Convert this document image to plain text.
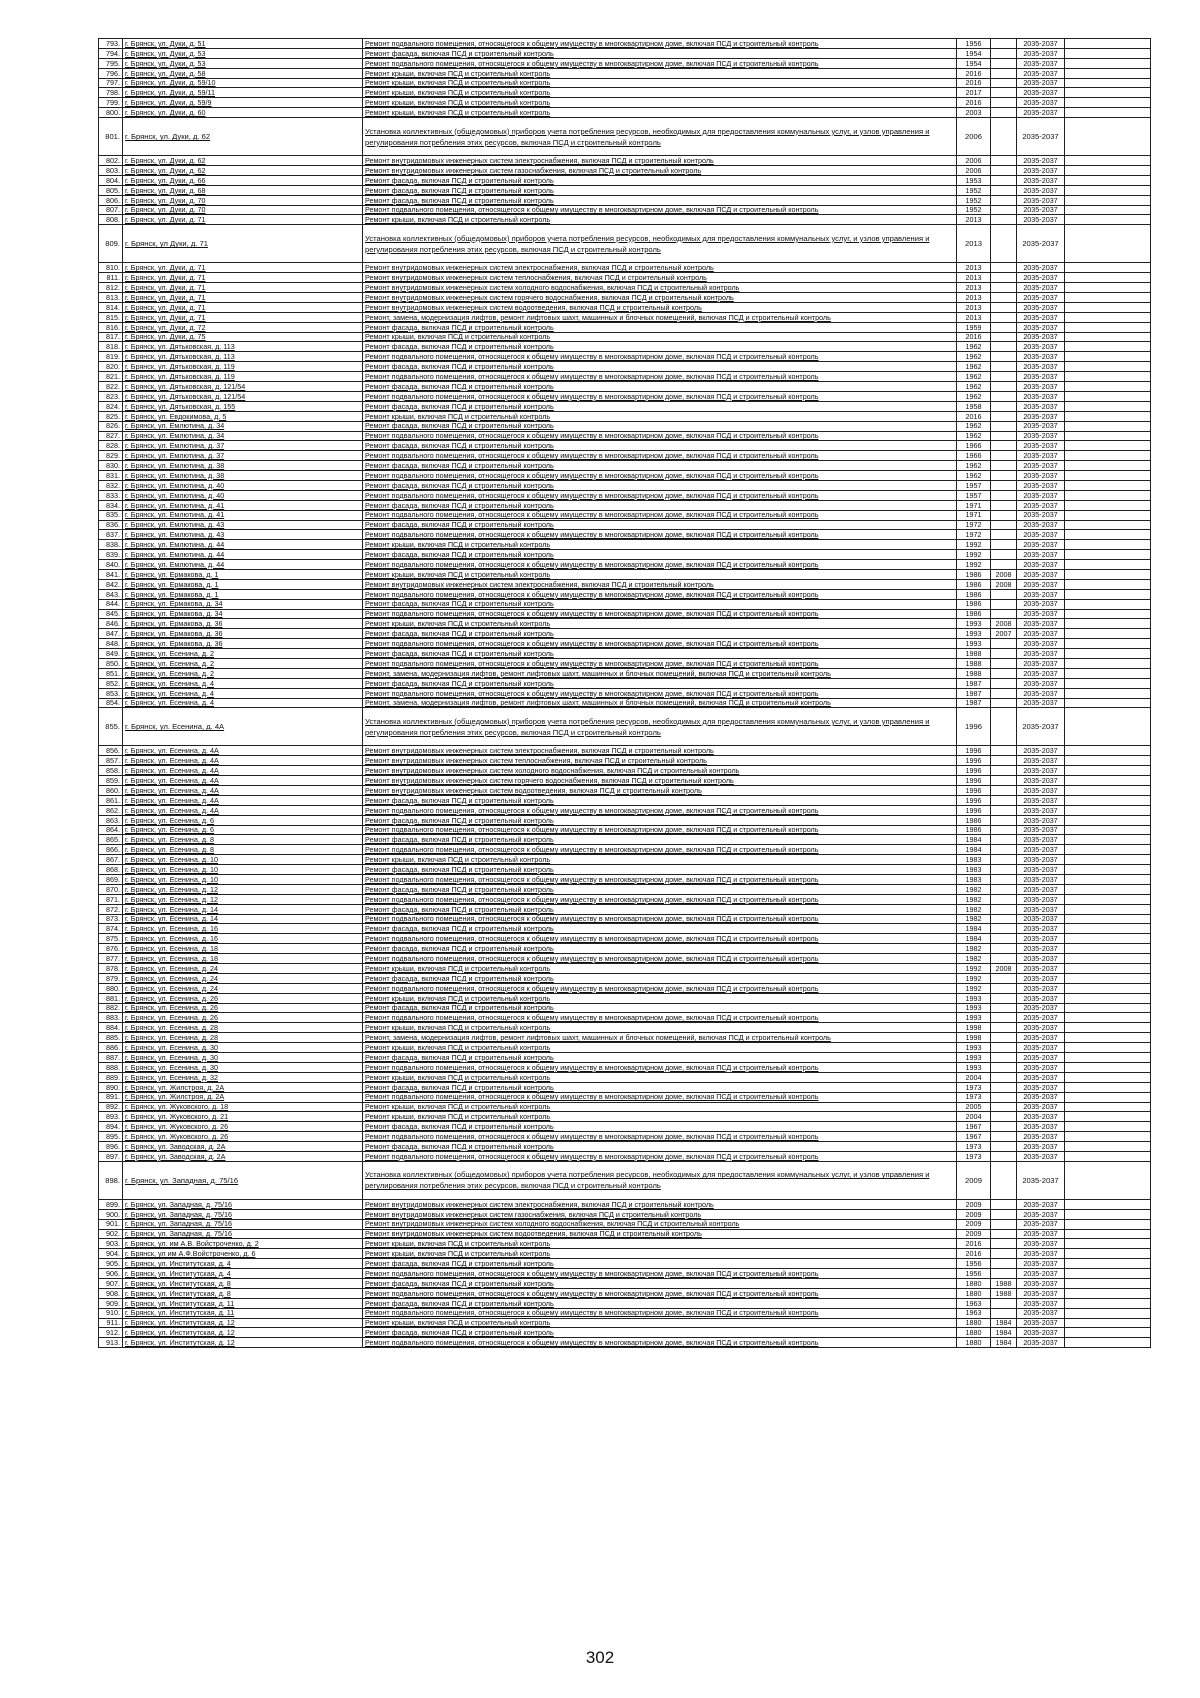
793.	г. Брянск, ул. Дуки, д. 51	Ремонт подвального помещения, относящегося к общему имуществу в многоквартирном доме, включая ПСД и строительный контроль	1956		2035-2037	
794.	г. Брянск, ул. Дуки, д. 53	Ремонт фасада, включая ПСД и строительный контроль	1954		2035-2037	
795.	г. Брянск, ул. Дуки, д. 53	Ремонт подвального помещения, относящегося к общему имуществу в многоквартирном доме, включая ПСД и строительный контроль	1954		2035-2037	
796.	г. Брянск, ул. Дуки, д. 58	Ремонт крыши, включая ПСД и строительный контроль	2016		2035-2037	
797.	г. Брянск, ул. Дуки, д. 59/10	Ремонт крыши, включая ПСД и строительный контроль	2016		2035-2037	
798.	г. Брянск, ул. Дуки, д. 59/11	Ремонт крыши, включая ПСД и строительный контроль	2017		2035-2037	
799.	г. Брянск, ул. Дуки, д. 59/9	Ремонт крыши, включая ПСД и строительный контроль	2016		2035-2037	
800.	г. Брянск, ул. Дуки, д. 60	Ремонт крыши, включая ПСД и строительный контроль	2003		2035-2037	
801.	г. Брянск, ул. Дуки, д. 62	Установка коллективных (общедомовых) приборов учета потребления ресурсов, необходимых для предоставления коммунальных услуг, и узлов управления и регулирования потребления этих ресурсов, включая ПСД и строительный контроль	2006		2035-2037	
802.	г. Брянск, ул. Дуки, д. 62	Ремонт внутридомовых инженерных систем электроснабжения, включая ПСД и строительный контроль	2006		2035-2037	
803.	г. Брянск, ул. Дуки, д. 62	Ремонт внутридомовых инженерных систем газоснабжения, включая ПСД и строительный контроль	2006		2035-2037	
804.	г. Брянск, ул. Дуки, д. 66	Ремонт фасада, включая ПСД и строительный контроль	1953		2035-2037	
805.	г. Брянск, ул. Дуки, д. 68	Ремонт фасада, включая ПСД и строительный контроль	1952		2035-2037	
806.	г. Брянск, ул. Дуки, д. 70	Ремонт фасада, включая ПСД и строительный контроль	1952		2035-2037	
807.	г. Брянск, ул. Дуки, д. 70	Ремонт подвального помещения, относящегося к общему имуществу в многоквартирном доме, включая ПСД и строительный контроль	1952		2035-2037	
808.	г. Брянск, ул. Дуки, д. 71	Ремонт крыши, включая ПСД и строительный контроль	2013		2035-2037	
809.	г. Брянск, ул Дуки, д. 71	Установка коллективных (общедомовых) приборов учета потребления ресурсов, необходимых для предоставления коммунальных услуг, и узлов управления и регулирования потребления этих ресурсов, включая ПСД и строительный контроль	2013		2035-2037	
810.	г. Брянск, ул. Дуки, д. 71	Ремонт внутридомовых инженерных систем электроснабжения, включая ПСД и строительный контроль	2013		2035-2037	
811.	г. Брянск, ул. Дуки, д. 71	Ремонт внутридомовых инженерных систем теплоснабжения, включая ПСД и строительный контроль	2013		2035-2037	
812.	г. Брянск, ул. Дуки, д. 71	Ремонт внутридомовых инженерных систем холодного водоснабжения, включая ПСД и строительный контроль	2013		2035-2037	
813.	г. Брянск, ул. Дуки, д. 71	Ремонт внутридомовых инженерных систем горячего водоснабжения, включая ПСД и строительный контроль	2013		2035-2037	
814.	г. Брянск, ул. Дуки, д. 71	Ремонт внутридомовых инженерных систем водоотведения, включая ПСД и строительный контроль	2013		2035-2037	
815.	г. Брянск, ул. Дуки, д. 71	Ремонт, замена, модернизация лифтов, ремонт лифтовых шахт, машинных и блочных помещений, включая ПСД и строительный контроль	2013		2035-2037	
816.	г. Брянск, ул. Дуки, д. 72	Ремонт фасада, включая ПСД и строительный контроль	1959		2035-2037	
817.	г. Брянск, ул. Дуки, д. 75	Ремонт крыши, включая ПСД и строительный контроль	2016		2035-2037	
818.	г. Брянск, ул. Дятьковская, д. 113	Ремонт фасада, включая ПСД и строительный контроль	1962		2035-2037	
819.	г. Брянск, ул. Дятьковская, д. 113	Ремонт подвального помещения, относящегося к общему имуществу в многоквартирном доме, включая ПСД и строительный контроль	1962		2035-2037	
820.	г. Брянск, ул. Дятьковская, д. 119	Ремонт фасада, включая ПСД и строительный контроль	1962		2035-2037	
821.	г. Брянск, ул. Дятьковская, д. 119	Ремонт подвального помещения, относящегося к общему имуществу в многоквартирном доме, включая ПСД и строительный контроль	1962		2035-2037	
822.	г. Брянск, ул. Дятьковская, д. 121/54	Ремонт фасада, включая ПСД и строительный контроль	1962		2035-2037	
823.	г. Брянск, ул. Дятьковская, д. 121/54	Ремонт подвального помещения, относящегося к общему имуществу в многоквартирном доме, включая ПСД и строительный контроль	1962		2035-2037	
824.	г. Брянск, ул. Дятьковская, д. 155	Ремонт фасада, включая ПСД и строительный контроль	1958		2035-2037	
825.	г. Брянск, ул. Евдокимова, д. 5	Ремонт крыши, включая ПСД и строительный контроль	2016		2035-2037	
826.	г. Брянск, ул. Емлютина, д. 34	Ремонт фасада, включая ПСД и строительный контроль	1962		2035-2037	
827.	г. Брянск, ул. Емлютина, д. 34	Ремонт подвального помещения, относящегося к общему имуществу в многоквартирном доме, включая ПСД и строительный контроль	1962		2035-2037	
828.	г. Брянск, ул. Емлютина, д. 37	Ремонт фасада, включая ПСД и строительный контроль	1966		2035-2037	
829.	г. Брянск, ул. Емлютина, д. 37	Ремонт подвального помещения, относящегося к общему имуществу в многоквартирном доме, включая ПСД и строительный контроль	1966		2035-2037	
830.	г. Брянск, ул. Емлютина, д. 38	Ремонт фасада, включая ПСД и строительный контроль	1962		2035-2037	
831.	г. Брянск, ул. Емлютина, д. 38	Ремонт подвального помещения, относящегося к общему имуществу в многоквартирном доме, включая ПСД и строительный контроль	1962		2035-2037	
832.	г. Брянск, ул. Емлютина, д. 40	Ремонт фасада, включая ПСД и строительный контроль	1957		2035-2037	
833.	г. Брянск, ул. Емлютина, д. 40	Ремонт подвального помещения, относящегося к общему имуществу в многоквартирном доме, включая ПСД и строительный контроль	1957		2035-2037	
834.	г. Брянск, ул. Емлютина, д. 41	Ремонт фасада, включая ПСД и строительный контроль	1971		2035-2037	
835.	г. Брянск, ул. Емлютина, д. 41	Ремонт подвального помещения, относящегося к общему имуществу в многоквартирном доме, включая ПСД и строительный контроль	1971		2035-2037	
836.	г. Брянск, ул. Емлютина, д. 43	Ремонт фасада, включая ПСД и строительный контроль	1972		2035-2037	
837.	г. Брянск, ул. Емлютина, д. 43	Ремонт подвального помещения, относящегося к общему имуществу в многоквартирном доме, включая ПСД и строительный контроль	1972		2035-2037	
838.	г. Брянск, ул. Емлютина, д. 44	Ремонт крыши, включая ПСД и строительный контроль	1992		2035-2037	
839.	г. Брянск, ул. Емлютина, д. 44	Ремонт фасада, включая ПСД и строительный контроль	1992		2035-2037	
840.	г. Брянск, ул. Емлютина, д. 44	Ремонт подвального помещения, относящегося к общему имуществу в многоквартирном доме, включая ПСД и строительный контроль	1992		2035-2037	
841.	г. Брянск, ул. Ермакова, д. 1	Ремонт крыши, включая ПСД и строительный контроль	1986	2008	2035-2037	
842.	г. Брянск, ул. Ермакова, д. 1	Ремонт внутридомовых инженерных систем электроснабжения, включая ПСД и строительный контроль	1986	2008	2035-2037	
843.	г. Брянск, ул. Ермакова, д. 1	Ремонт подвального помещения, относящегося к общему имуществу в многоквартирном доме, включая ПСД и строительный контроль	1986		2035-2037	
844.	г. Брянск, ул. Ермакова, д. 34	Ремонт фасада, включая ПСД и строительный контроль	1986		2035-2037	
845.	г. Брянск, ул. Ермакова, д. 34	Ремонт подвального помещения, относящегося к общему имуществу в многоквартирном доме, включая ПСД и строительный контроль	1986		2035-2037	
846.	г. Брянск, ул. Ермакова, д. 36	Ремонт крыши, включая ПСД и строительный контроль	1993	2008	2035-2037	
847.	г. Брянск, ул. Ермакова, д. 36	Ремонт фасада, включая ПСД и строительный контроль	1993	2007	2035-2037	
848.	г. Брянск, ул. Ермакова, д. 36	Ремонт подвального помещения, относящегося к общему имуществу в многоквартирном доме, включая ПСД и строительный контроль	1993		2035-2037	
849.	г. Брянск, ул. Есенина, д. 2	Ремонт фасада, включая ПСД и строительный контроль	1988		2035-2037	
850.	г. Брянск, ул. Есенина, д. 2	Ремонт подвального помещения, относящегося к общему имуществу в многоквартирном доме, включая ПСД и строительный контроль	1988		2035-2037	
851.	г. Брянск, ул. Есенина, д. 2	Ремонт, замена, модернизация лифтов, ремонт лифтовых шахт, машинных и блочных помещений, включая ПСД и строительный контроль	1988		2035-2037	
852.	г. Брянск, ул. Есенина, д. 4	Ремонт фасада, включая ПСД и строительный контроль	1987		2035-2037	
853.	г. Брянск, ул. Есенина, д. 4	Ремонт подвального помещения, относящегося к общему имуществу в многоквартирном доме, включая ПСД и строительный контроль	1987		2035-2037	
854.	г. Брянск, ул. Есенина, д. 4	Ремонт, замена, модернизация лифтов, ремонт лифтовых шахт, машинных и блочных помещений, включая ПСД и строительный контроль	1987		2035-2037	
855.	г. Брянск, ул. Есенина, д. 4А	Установка коллективных (общедомовых) приборов учета потребления ресурсов, необходимых для предоставления коммунальных услуг, и узлов управления и регулирования потребления этих ресурсов, включая ПСД и строительный контроль	1996		2035-2037	
856.	г. Брянск, ул. Есенина, д. 4А	Ремонт внутридомовых инженерных систем электроснабжения, включая ПСД и строительный контроль	1996		2035-2037	
857.	г. Брянск, ул. Есенина, д. 4А	Ремонт внутридомовых инженерных систем теплоснабжения, включая ПСД и строительный контроль	1996		2035-2037	
858.	г. Брянск, ул. Есенина, д. 4А	Ремонт внутридомовых инженерных систем холодного водоснабжения, включая ПСД и строительный контроль	1996		2035-2037	
859.	г. Брянск, ул. Есенина, д. 4А	Ремонт внутридомовых инженерных систем горячего водоснабжения, включая ПСД и строительный контроль	1996		2035-2037	
860.	г. Брянск, ул. Есенина, д. 4А	Ремонт внутридомовых инженерных систем водоотведения, включая ПСД и строительный контроль	1996		2035-2037	
861.	г. Брянск, ул. Есенина, д. 4А	Ремонт фасада, включая ПСД и строительный контроль	1996		2035-2037	
862.	г. Брянск, ул. Есенина, д. 4А	Ремонт подвального помещения, относящегося к общему имуществу в многоквартирном доме, включая ПСД и строительный контроль	1996		2035-2037	
863.	г. Брянск, ул. Есенина, д. 6	Ремонт фасада, включая ПСД и строительный контроль	1986		2035-2037	
864.	г. Брянск, ул. Есенина, д. 6	Ремонт подвального помещения, относящегося к общему имуществу в многоквартирном доме, включая ПСД и строительный контроль	1986		2035-2037	
865.	г. Брянск, ул. Есенина, д. 8	Ремонт фасада, включая ПСД и строительный контроль	1984		2035-2037	
866.	г. Брянск, ул. Есенина, д. 8	Ремонт подвального помещения, относящегося к общему имуществу в многоквартирном доме, включая ПСД и строительный контроль	1984		2035-2037	
867.	г. Брянск, ул. Есенина, д. 10	Ремонт крыши, включая ПСД и строительный контроль	1983		2035-2037	
868.	г. Брянск, ул. Есенина, д. 10	Ремонт фасада, включая ПСД и строительный контроль	1983		2035-2037	
869.	г. Брянск, ул. Есенина, д. 10	Ремонт подвального помещения, относящегося к общему имуществу в многоквартирном доме, включая ПСД и строительный контроль	1983		2035-2037	
870.	г. Брянск, ул. Есенина, д. 12	Ремонт фасада, включая ПСД и строительный контроль	1982		2035-2037	
871.	г. Брянск, ул. Есенина, д. 12	Ремонт подвального помещения, относящегося к общему имуществу в многоквартирном доме, включая ПСД и строительный контроль	1982		2035-2037	
872.	г. Брянск, ул. Есенина, д. 14	Ремонт фасада, включая ПСД и строительный контроль	1982		2035-2037	
873.	г. Брянск, ул. Есенина, д. 14	Ремонт подвального помещения, относящегося к общему имуществу в многоквартирном доме, включая ПСД и строительный контроль	1982		2035-2037	
874.	г. Брянск, ул. Есенина, д. 16	Ремонт фасада, включая ПСД и строительный контроль	1984		2035-2037	
875.	г. Брянск, ул. Есенина, д. 16	Ремонт подвального помещения, относящегося к общему имуществу в многоквартирном доме, включая ПСД и строительный контроль	1984		2035-2037	
876.	г. Брянск, ул. Есенина, д. 18	Ремонт фасада, включая ПСД и строительный контроль	1982		2035-2037	
877.	г. Брянск, ул. Есенина, д. 18	Ремонт подвального помещения, относящегося к общему имуществу в многоквартирном доме, включая ПСД и строительный контроль	1982		2035-2037	
878.	г. Брянск, ул. Есенина, д. 24	Ремонт крыши, включая ПСД и строительный контроль	1992	2008	2035-2037	
879.	г. Брянск, ул. Есенина, д. 24	Ремонт фасада, включая ПСД и строительный контроль	1992		2035-2037	
880.	г. Брянск, ул. Есенина, д. 24	Ремонт подвального помещения, относящегося к общему имуществу в многоквартирном доме, включая ПСД и строительный контроль	1992		2035-2037	
881.	г. Брянск, ул. Есенина, д. 26	Ремонт крыши, включая ПСД и строительный контроль	1993		2035-2037	
882.	г. Брянск, ул. Есенина, д. 26	Ремонт фасада, включая ПСД и строительный контроль	1993		2035-2037	
883.	г. Брянск, ул. Есенина, д. 26	Ремонт подвального помещения, относящегося к общему имуществу в многоквартирном доме, включая ПСД и строительный контроль	1993		2035-2037	
884.	г. Брянск, ул. Есенина, д. 28	Ремонт крыши, включая ПСД и строительный контроль	1998		2035-2037	
885.	г. Брянск, ул. Есенина, д. 28	Ремонт, замена, модернизация лифтов, ремонт лифтовых шахт, машинных и блочных помещений, включая ПСД и строительный контроль	1998		2035-2037	
886.	г. Брянск, ул. Есенина, д. 30	Ремонт крыши, включая ПСД и строительный контроль	1993		2035-2037	
887.	г. Брянск, ул. Есенина, д. 30	Ремонт фасада, включая ПСД и строительный контроль	1993		2035-2037	
888.	г. Брянск, ул. Есенина, д. 30	Ремонт подвального помещения, относящегося к общему имуществу в многоквартирном доме, включая ПСД и строительный контроль	1993		2035-2037	
889.	г. Брянск, ул. Есенина, д. 32	Ремонт крыши, включая ПСД и строительный контроль	2004		2035-2037	
890.	г. Брянск, ул. Жилстроя, д. 2А	Ремонт фасада, включая ПСД и строительный контроль	1973		2035-2037	
891.	г. Брянск, ул. Жилстроя, д. 2А	Ремонт подвального помещения, относящегося к общему имуществу в многоквартирном доме, включая ПСД и строительный контроль	1973		2035-2037	
892.	г. Брянск, ул. Жуковского, д. 18	Ремонт крыши, включая ПСД и строительный контроль	2005		2035-2037	
893.	г. Брянск, ул. Жуковского, д. 21	Ремонт крыши, включая ПСД и строительный контроль	2004		2035-2037	
894.	г. Брянск, ул. Жуковского, д. 26	Ремонт фасада, включая ПСД и строительный контроль	1967		2035-2037	
895.	г. Брянск, ул. Жуковского, д. 26	Ремонт подвального помещения, относящегося к общему имуществу в многоквартирном доме, включая ПСД и строительный контроль	1967		2035-2037	
896.	г. Брянск, ул. Заводская, д. 2А	Ремонт фасада, включая ПСД и строительный контроль	1973		2035-2037	
897.	г. Брянск, ул. Заводская, д. 2А	Ремонт подвального помещения, относящегося к общему имуществу в многоквартирном доме, включая ПСД и строительный контроль	1973		2035-2037	
898.	г. Брянск, ул. Западная, д. 75/16	Установка коллективных (общедомовых) приборов учета потребления ресурсов, необходимых для предоставления коммунальных услуг, и узлов управления и регулирования потребления этих ресурсов, включая ПСД и строительный контроль	2009		2035-2037	
899.	г. Брянск, ул. Западная, д. 75/16	Ремонт внутридомовых инженерных систем электроснабжения, включая ПСД и строительный контроль	2009		2035-2037	
900.	г. Брянск, ул. Западная, д. 75/16	Ремонт внутридомовых инженерных систем газоснабжения, включая ПСД и строительный контроль	2009		2035-2037	
901.	г. Брянск, ул. Западная, д. 75/16	Ремонт внутридомовых инженерных систем холодного водоснабжения, включая ПСД и строительный контроль	2009		2035-2037	
902.	г. Брянск, ул. Западная, д. 75/16	Ремонт внутридомовых инженерных систем водоотведения, включая ПСД и строительный контроль	2009		2035-2037	
903.	г. Брянск, ул. им А.В. Войстроченко, д. 2	Ремонт крыши, включая ПСД и строительный контроль	2016		2035-2037	
904.	г. Брянск, ул им А.Ф.Войстроченко, д. 6	Ремонт крыши, включая ПСД и строительный контроль	2016		2035-2037	
905.	г. Брянск, ул. Институтская, д. 4	Ремонт фасада, включая ПСД и строительный контроль	1956		2035-2037	
906.	г. Брянск, ул. Институтская, д. 4	Ремонт подвального помещения, относящегося к общему имуществу в многоквартирном доме, включая ПСД и строительный контроль	1956		2035-2037	
907.	г. Брянск, ул. Институтская, д. 8	Ремонт фасада, включая ПСД и строительный контроль	1880	1988	2035-2037	
908.	г. Брянск, ул. Институтская, д. 8	Ремонт подвального помещения, относящегося к общему имуществу в многоквартирном доме, включая ПСД и строительный контроль	1880	1988	2035-2037	
909.	г. Брянск, ул. Институтская, д. 11	Ремонт фасада, включая ПСД и строительный контроль	1963		2035-2037	
910.	г. Брянск, ул. Институтская, д. 11	Ремонт подвального помещения, относящегося к общему имуществу в многоквартирном доме, включая ПСД и строительный контроль	1963		2035-2037	
911.	г. Брянск, ул. Институтская, д. 12	Ремонт крыши, включая ПСД и строительный контроль	1880	1984	2035-2037	
912.	г. Брянск, ул. Институтская, д. 12	Ремонт фасада, включая ПСД и строительный контроль	1880	1984	2035-2037	
913.	г. Брянск, ул. Институтская, д. 12	Ремонт подвального помещения, относящегося к общему имуществу в многоквартирном доме, включая ПСД и строительный контроль	1880	1984	2035-2037	
302
